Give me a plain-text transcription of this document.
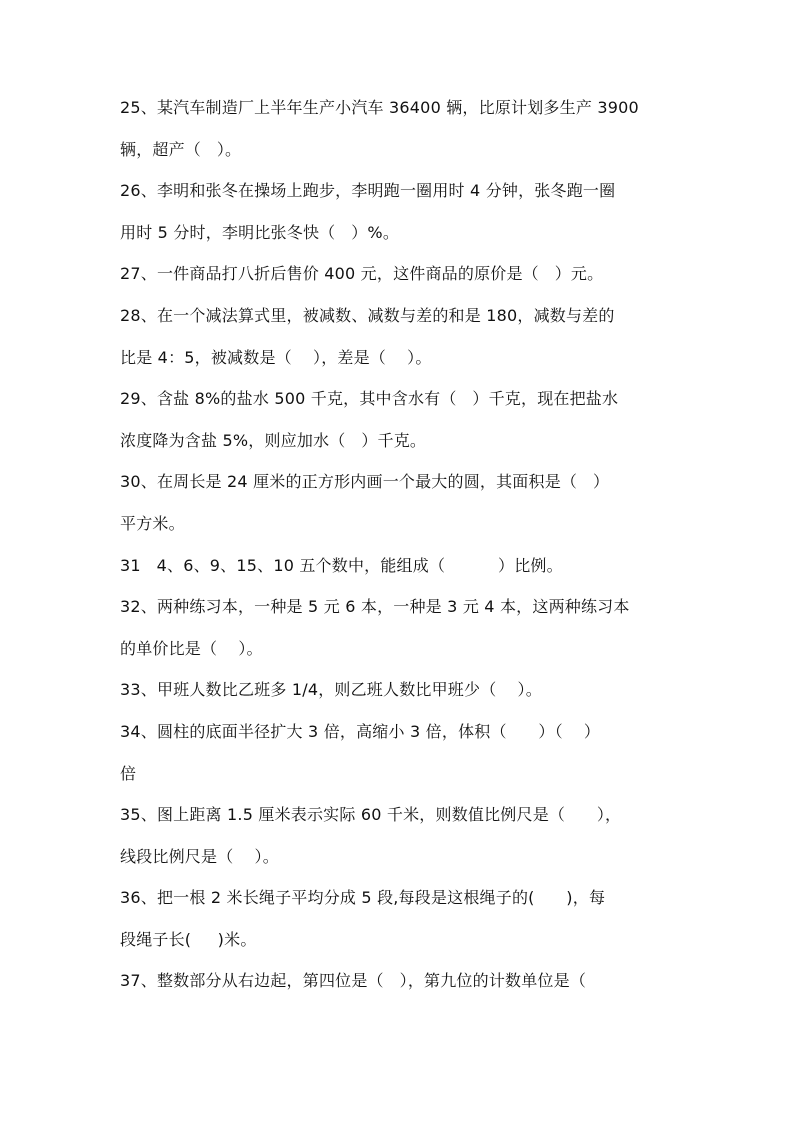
25、某汽车制造厂上半年生产小汽车 36400 辆，比原计划多生产 3900
辆，超产（   ）。
26、李明和张冬在操场上跑步，李明跑一圈用时 4 分钟，张冬跑一圈
用时 5 分时，李明比张冬快（   ）%。
27、一件商品打八折后售价 400 元，这件商品的原价是（   ）元。
28、在一个减法算式里，被减数、减数与差的和是 180，减数与差的
比是 4：5，被减数是（    ），差是（    ）。
29、含盐 8%的盐水 500 千克，其中含水有（   ）千克，现在把盐水
浓度降为含盐 5%，则应加水（   ）千克。
30、在周长是 24 厘米的正方形内画一个最大的圆，其面积是（   ）
平方米。
31   4、6、9、15、10 五个数中，能组成（          ）比例。
32、两种练习本，一种是 5 元 6 本，一种是 3 元 4 本，这两种练习本
的单价比是（    ）。
33、甲班人数比乙班多 1/4，则乙班人数比甲班少（    ）。
34、圆柱的底面半径扩大 3 倍，高缩小 3 倍，体积（      ）（    ）
倍
35、图上距离 1.5 厘米表示实际 60 千米，则数值比例尺是（      ），
线段比例尺是（    ）。
36、把一根 2 米长绳子平均分成 5 段,每段是这根绳子的(      )，每
段绳子长(     )米。
37、整数部分从右边起，第四位是（   ），第九位的计数单位是（
